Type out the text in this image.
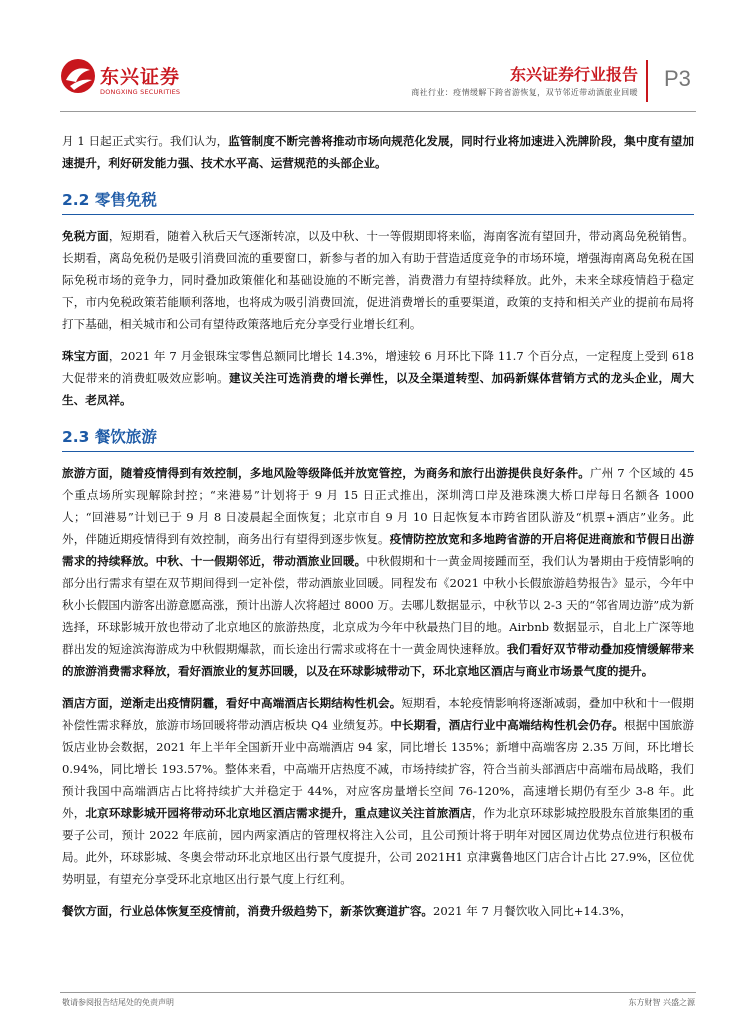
东兴证券
DONGXING SECURITIES
东兴证券行业报告
商社行业：疫情缓解下跨省游恢复，双节邻近带动酒旅业回暖
P3

月 1 日起正式实行。我们认为，监管制度不断完善将推动市场向规范化发展，同时行业将加速进入洗牌阶段，集中度有望加速提升，利好研发能力强、技术水平高、运营规范的头部企业。

2.2 零售免税

免税方面，短期看，随着入秋后天气逐渐转凉，以及中秋、十一等假期即将来临，海南客流有望回升，带动离岛免税销售。长期看，离岛免税仍是吸引消费回流的重要窗口，新参与者的加入有助于营造适度竞争的市场环境，增强海南离岛免税在国际免税市场的竞争力，同时叠加政策催化和基础设施的不断完善，消费潜力有望持续释放。此外，未来全球疫情趋于稳定下，市内免税政策若能顺利落地，也将成为吸引消费回流，促进消费增长的重要渠道，政策的支持和相关产业的提前布局将打下基础，相关城市和公司有望待政策落地后充分享受行业增长红利。

珠宝方面，2021 年 7 月金银珠宝零售总额同比增长 14.3%，增速较 6 月环比下降 11.7 个百分点，一定程度上受到 618 大促带来的消费虹吸效应影响。建议关注可选消费的增长弹性，以及全渠道转型、加码新媒体营销方式的龙头企业，周大生、老凤祥。

2.3 餐饮旅游

旅游方面，随着疫情得到有效控制，多地风险等级降低并放宽管控，为商务和旅行出游提供良好条件。广州 7 个区域的 45 个重点场所实现解除封控；“来港易”计划将于 9 月 15 日正式推出，深圳湾口岸及港珠澳大桥口岸每日名额各 1000 人；“回港易”计划已于 9 月 8 日凌晨起全面恢复；北京市自 9 月 10 日起恢复本市跨省团队游及“机票+酒店”业务。此外，伴随近期疫情得到有效控制，商务出行有望得到逐步恢复。疫情防控放宽和多地跨省游的开启将促进商旅和节假日出游需求的持续释放。中秋、十一假期邻近，带动酒旅业回暖。中秋假期和十一黄金周接踵而至，我们认为暑期由于疫情影响的部分出行需求有望在双节期间得到一定补偿，带动酒旅业回暖。同程发布《2021 中秋小长假旅游趋势报告》显示，今年中秋小长假国内游客出游意愿高涨，预计出游人次将超过 8000 万。去哪儿数据显示，中秋节以 2-3 天的“邻省周边游”成为新选择，环球影城开放也带动了北京地区的旅游热度，北京成为今年中秋最热门目的地。Airbnb 数据显示，自北上广深等地群出发的短途滨海游成为中秋假期爆款，而长途出行需求或将在十一黄金周快速释放。我们看好双节带动叠加疫情缓解带来的旅游消费需求释放，看好酒旅业的复苏回暖，以及在环球影城带动下，环北京地区酒店与商业市场景气度的提升。

酒店方面，逆渐走出疫情阴霾，看好中高端酒店长期结构性机会。短期看，本轮疫情影响将逐渐减弱，叠加中秋和十一假期补偿性需求释放，旅游市场回暖将带动酒店板块 Q4 业绩复苏。中长期看，酒店行业中高端结构性机会仍存。根据中国旅游饭店业协会数据，2021 年上半年全国新开业中高端酒店 94 家，同比增长 135%；新增中高端客房 2.35 万间，环比增长 0.94%，同比增长 193.57%。整体来看，中高端开店热度不减，市场持续扩容，符合当前头部酒店中高端布局战略，我们预计我国中高端酒店占比将持续扩大并稳定于 44%，对应客房量增长空间 76-120%，高速增长期仍有至少 3-8 年。此外，北京环球影城开园将带动环北京地区酒店需求提升，重点建议关注首旅酒店，作为北京环球影城控股股东首旅集团的重要子公司，预计 2022 年底前，园内两家酒店的管理权将注入公司，且公司预计将于明年对园区周边优势点位进行积极布局。此外，环球影城、冬奥会带动环北京地区出行景气度提升，公司 2021H1 京津冀鲁地区门店合计占比 27.9%，区位优势明显，有望充分享受环北京地区出行景气度上行红利。

餐饮方面，行业总体恢复至疫情前，消费升级趋势下，新茶饮赛道扩容。2021 年 7 月餐饮收入同比+14.3%，

敬请参阅报告结尾处的免责声明	东方财智 兴盛之源
